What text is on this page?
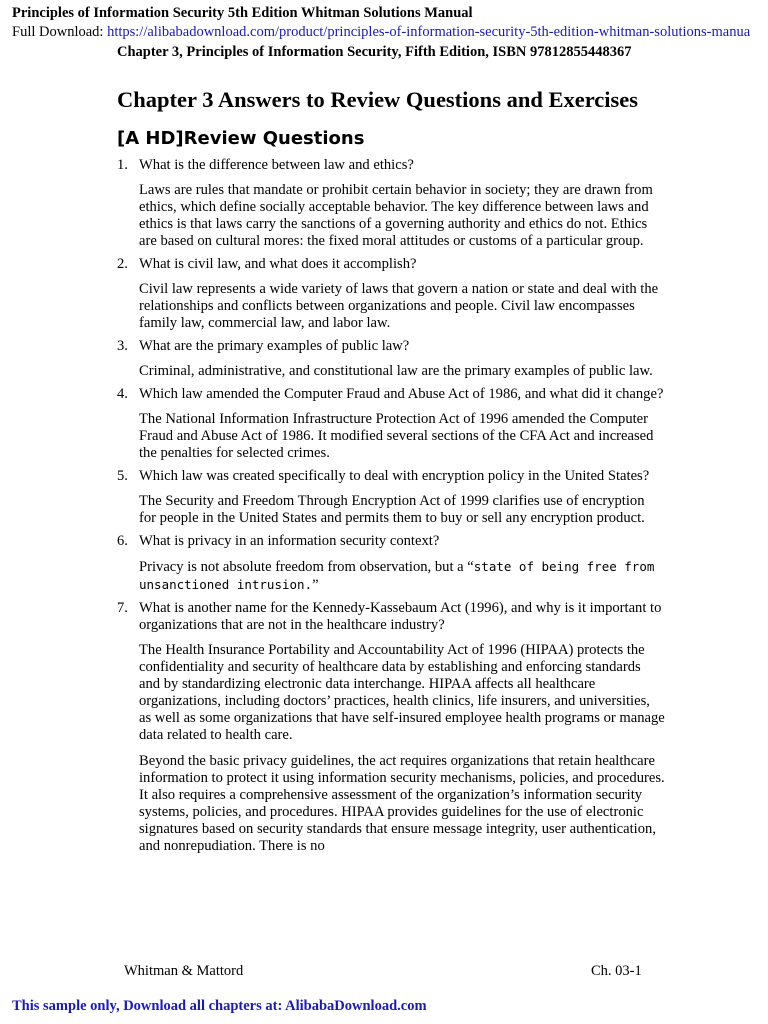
Principles of Information Security 5th Edition Whitman Solutions Manual
Full Download: https://alibabadownload.com/product/principles-of-information-security-5th-edition-whitman-solutions-manua
Chapter 3, Principles of Information Security, Fifth Edition, ISBN 97812855448367
Chapter 3 Answers to Review Questions and Exercises
[A HD]Review Questions
1. What is the difference between law and ethics?

Laws are rules that mandate or prohibit certain behavior in society; they are drawn from ethics, which define socially acceptable behavior. The key difference between laws and ethics is that laws carry the sanctions of a governing authority and ethics do not. Ethics are based on cultural mores: the fixed moral attitudes or customs of a particular group.

2. What is civil law, and what does it accomplish?

Civil law represents a wide variety of laws that govern a nation or state and deal with the relationships and conflicts between organizations and people. Civil law encompasses family law, commercial law, and labor law.

3. What are the primary examples of public law?

Criminal, administrative, and constitutional law are the primary examples of public law.

4. Which law amended the Computer Fraud and Abuse Act of 1986, and what did it change?

The National Information Infrastructure Protection Act of 1996 amended the Computer Fraud and Abuse Act of 1986. It modified several sections of the CFA Act and increased the penalties for selected crimes.

5. Which law was created specifically to deal with encryption policy in the United States?

The Security and Freedom Through Encryption Act of 1999 clarifies use of encryption for people in the United States and permits them to buy or sell any encryption product.

6. What is privacy in an information security context?

Privacy is not absolute freedom from observation, but a “state of being free from unsanctioned intrusion.”

7. What is another name for the Kennedy-Kassebaum Act (1996), and why is it important to organizations that are not in the healthcare industry?

The Health Insurance Portability and Accountability Act of 1996 (HIPAA) protects the confidentiality and security of healthcare data by establishing and enforcing standards and by standardizing electronic data interchange. HIPAA affects all healthcare organizations, including doctors’ practices, health clinics, life insurers, and universities, as well as some organizations that have self-insured employee health programs or manage data related to health care.

Beyond the basic privacy guidelines, the act requires organizations that retain healthcare information to protect it using information security mechanisms, policies, and procedures. It also requires a comprehensive assessment of the organization’s information security systems, policies, and procedures. HIPAA provides guidelines for the use of electronic signatures based on security standards that ensure message integrity, user authentication, and nonrepudiation. There is no

Whitman & Mattord	Ch. 03-1
This sample only, Download all chapters at: AlibabaDownload.com
